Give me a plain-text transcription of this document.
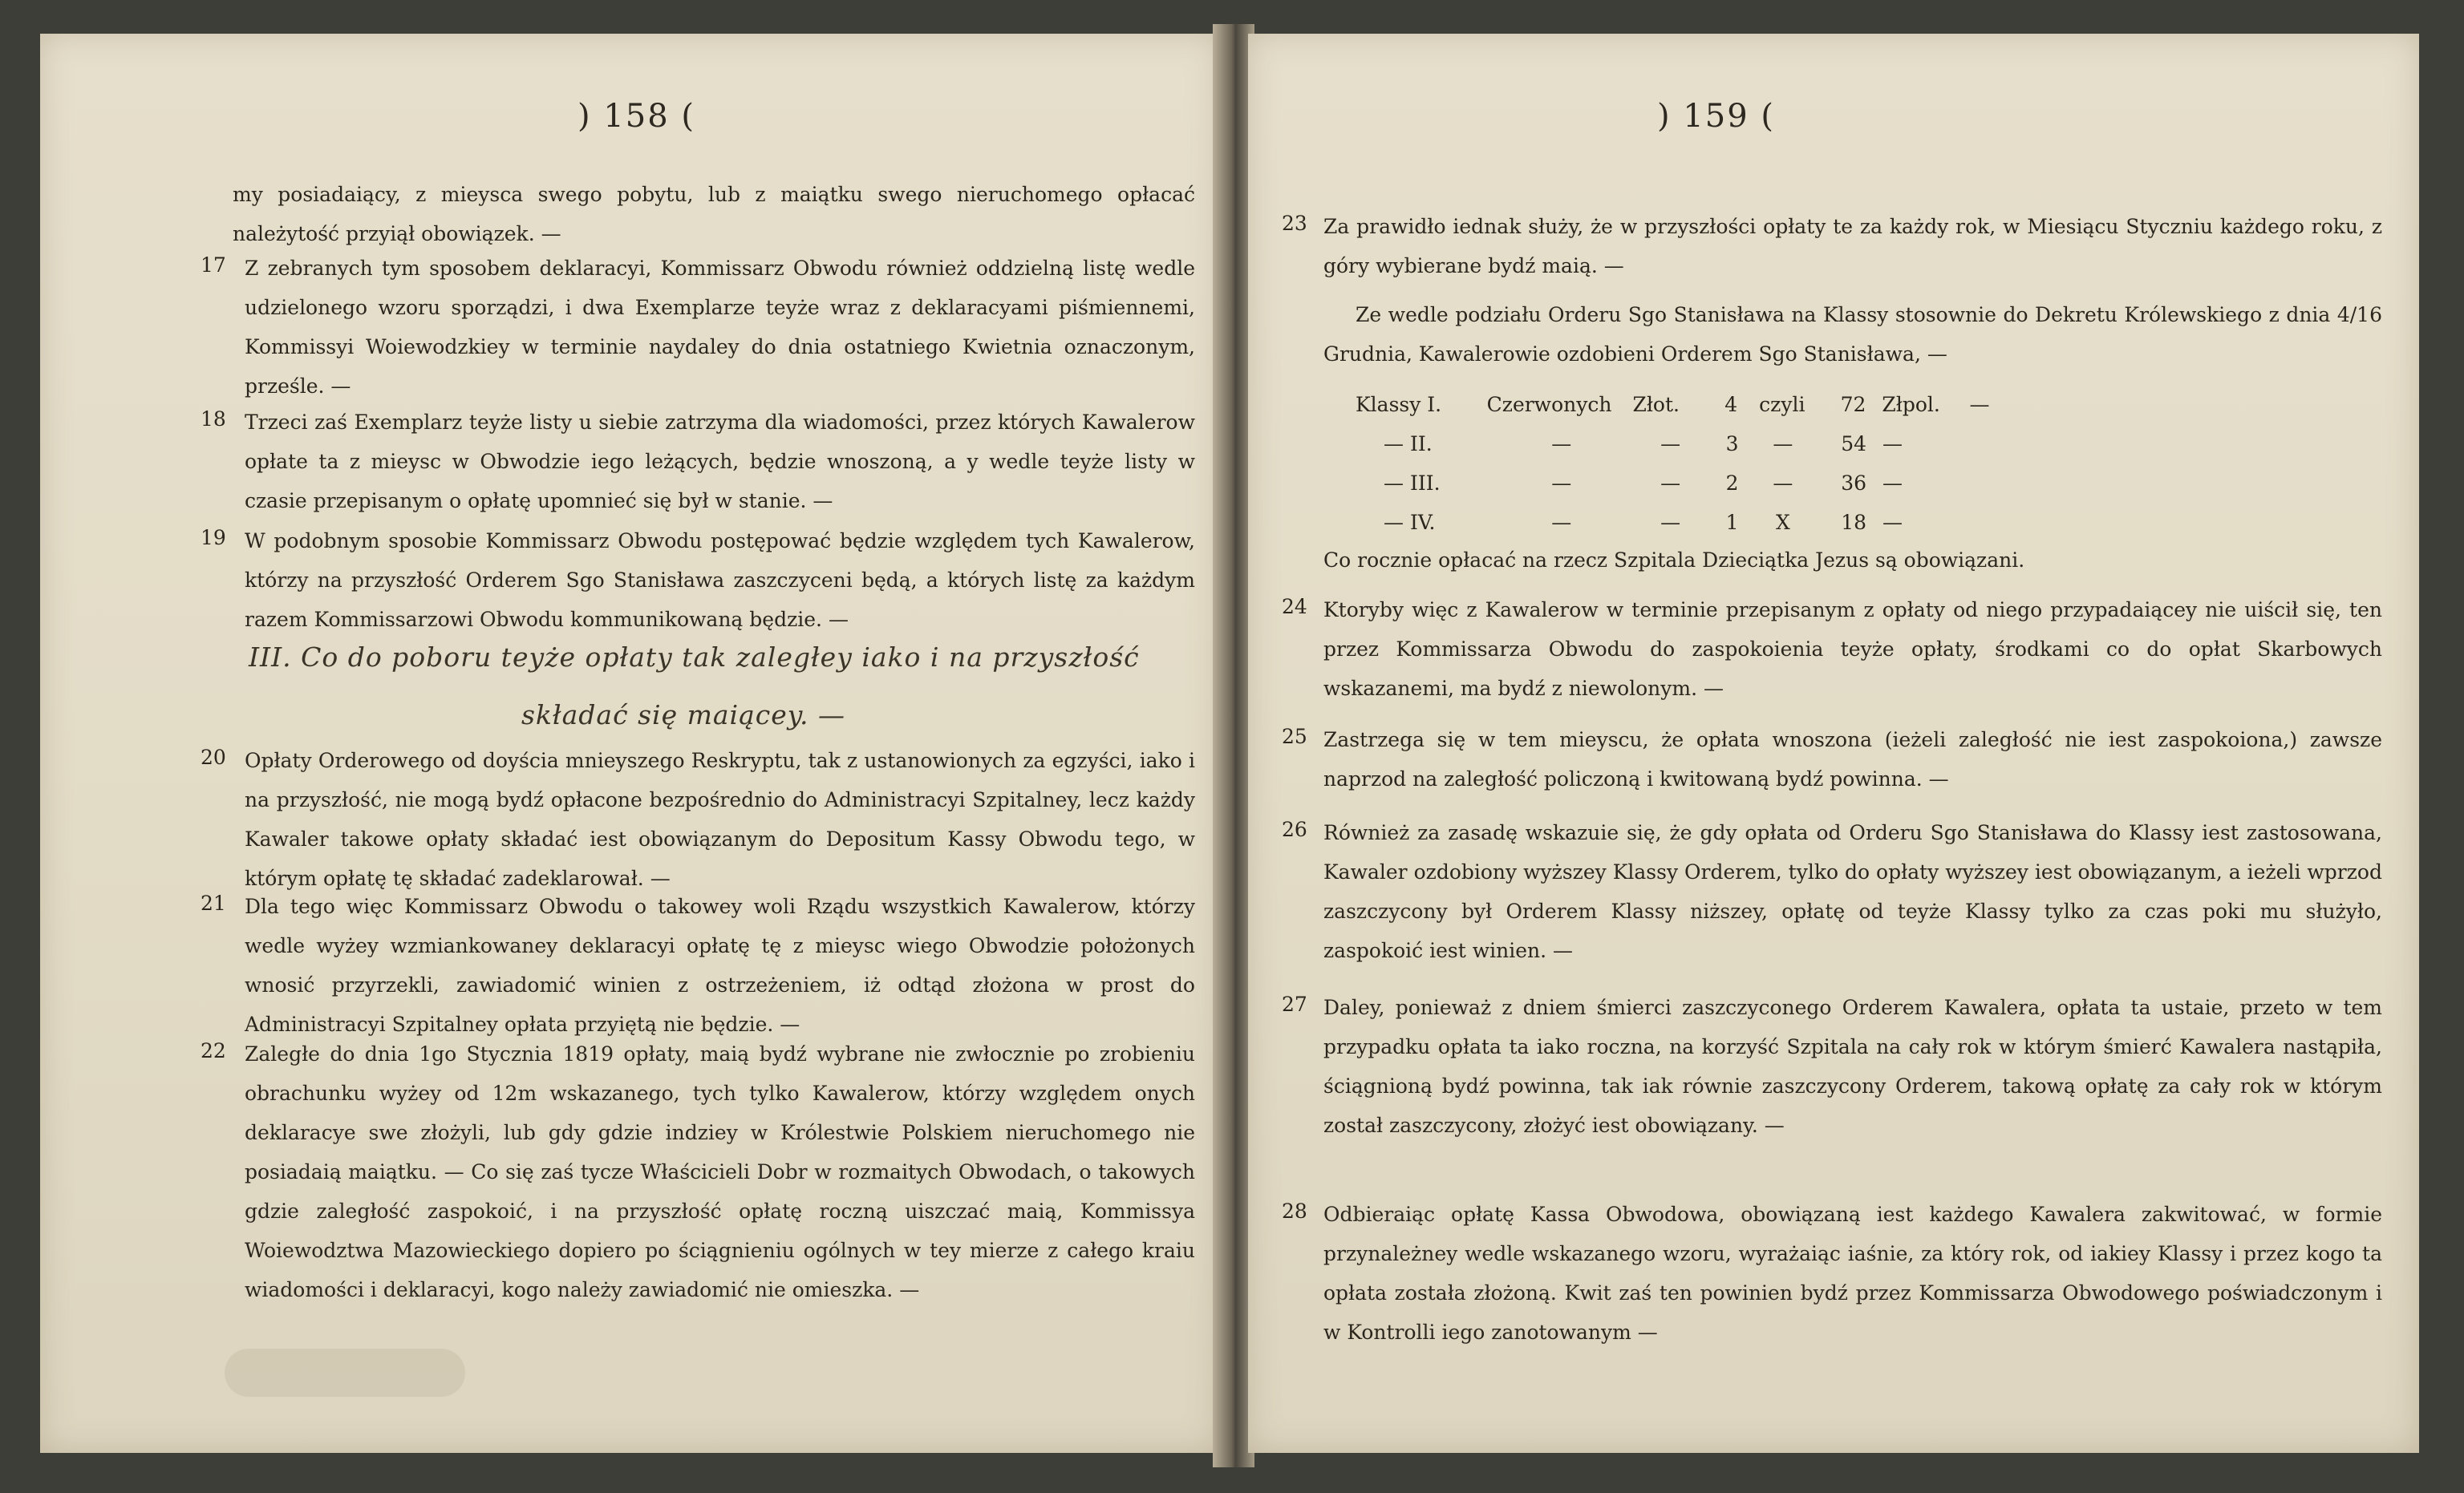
) 158 (	) 159 (
my posiadaiący, z mieysca swego pobytu, lub z maiątku swego nieruchomego opłacać należytość przyiął obowiązek. —
17 Z zebranych tym sposobem deklaracyi, Kommissarz Obwodu również oddzielną listę wedle udzielonego wzoru sporządzi, i dwa Exemplarze teyże wraz z deklaracyami piśmiennemi, Kommissyi Woiewodzkiey w terminie naydaley do dnia ostatniego Kwietnia oznaczonym, prześle. —
18 Trzeci zaś Exemplarz teyże listy u siebie zatrzyma dla wiadomości, przez których Kawalerow opłate ta z mieysc w Obwodzie iego leżących, będzie wnoszoną, a y wedle teyże listy w czasie przepisanym o opłatę upomnieć się był w stanie. —
19 W podobnym sposobie Kommissarz Obwodu postępować będzie względem tych Kawalerow, którzy na przyszłość Orderem Sgo Stanisława zaszczyceni będą, a których listę za każdym razem Kommissarzowi Obwodu kommunikowaną będzie. —
III. Co do poboru teyże opłaty tak zaległey iako i na przyszłość
składać się maiącey. —
20 Opłaty Orderowego od doyścia mnieyszego Reskryptu, tak z ustanowionych za egzyści, iako i na przyszłość, nie mogą bydź opłacone bezpośrednio do Administracyi Szpitalney, lecz każdy Kawaler takowe opłaty składać iest obowiązanym do Depositum Kassy Obwodu tego, w którym opłatę tę składać zadeklarował. —
21 Dla tego więc Kommissarz Obwodu o takowey woli Rządu wszystkich Kawalerow, którzy wedle wyżey wzmiankowaney deklaracyi opłatę tę z mieysc wiego Obwodzie położonych wnosić przyrzekli, zawiadomić winien z ostrzeżeniem, iż odtąd złożona w prost do Administracyi Szpitalney opłata przyiętą nie będzie. —
22 Zaległe do dnia 1go Stycznia 1819 opłaty, maią bydź wybrane nie zwłocznie po zrobieniu obrachunku wyżey od 12m wskazanego, tych tylko Kawalerow, którzy względem onych deklaracye swe złożyli, lub gdy gdzie indziey w Królestwie Polskiem nieruchomego nie posiadaią maiątku. — Co się zaś tycze Właścicieli Dobr w rozmaitych Obwodach, o takowych gdzie zaległość zaspokoić, i na przyszłość opłatę roczną uiszczać maią, Kommissya Woiewodztwa Mazowieckiego dopiero po ściągnieniu ogólnych w tey mierze z całego kraiu wiadomości i deklaracyi, kogo należy zawiadomić nie omieszka. —
23 Za prawidło iednak służy, że w przyszłości opłaty te za każdy rok, w Miesiącu Styczniu każdego roku, z góry wybierane bydź maią. —
Ze wedle podziału Orderu Sgo Stanisława na Klassy stosownie do Dekretu Królewskiego z dnia 4/16 Grudnia, Kawalerowie ozdobieni Orderem Sgo Stanisława, —
Klassy I.	Czerwonych	Złot.	4	czyli	72 Złpol.	—
— II.	—	—	3	—	54 —
— III.	—	—	2	—	36 —
— IV.	—	—	1	X	18 —
Co rocznie opłacać na rzecz Szpitala Dzieciątka Jezus są obowiązani.
24 Ktoryby więc z Kawalerow w terminie przepisanym z opłaty od niego przypadaiącey nie uiścił się, ten przez Kommissarza Obwodu do zaspokoienia teyże opłaty, środkami co do opłat Skarbowych wskazanemi, ma bydź z niewolonym. —
25 Zastrzega się w tem mieyscu, że opłata wnoszona (ieżeli zaległość nie iest zaspokoiona,) zawsze naprzod na zaległość policzoną i kwitowaną bydź powinna. —
26 Również za zasadę wskazuie się, że gdy opłata od Orderu Sgo Stanisława do Klassy iest zastosowana, Kawaler ozdobiony wyższey Klassy Orderem, tylko do opłaty wyższey iest obowiązanym, a ieżeli wprzod zaszczycony był Orderem Klassy niższey, opłatę od teyże Klassy tylko za czas poki mu służyło, zaspokoić iest winien. —
27 Daley, ponieważ z dniem śmierci zaszczyconego Orderem Kawalera, opłata ta ustaie, przeto w tem przypadku opłata ta iako roczna, na korzyść Szpitala na cały rok w którym śmierć Kawalera nastąpiła, ściągnioną bydź powinna, tak iak równie zaszczycony Orderem, takową opłatę za cały rok w którym został zaszczycony, złożyć iest obowiązany. —
28 Odbieraiąc opłatę Kassa Obwodowa, obowiązaną iest każdego Kawalera zakwitować, w formie przynależney wedle wskazanego wzoru, wyrażaiąc iaśnie, za który rok, od iakiey Klassy i przez kogo ta opłata została złożoną. Kwit zaś ten powinien bydź przez Kommissarza Obwodowego poświadczonym i w Kontrolli iego zanotowanym —
